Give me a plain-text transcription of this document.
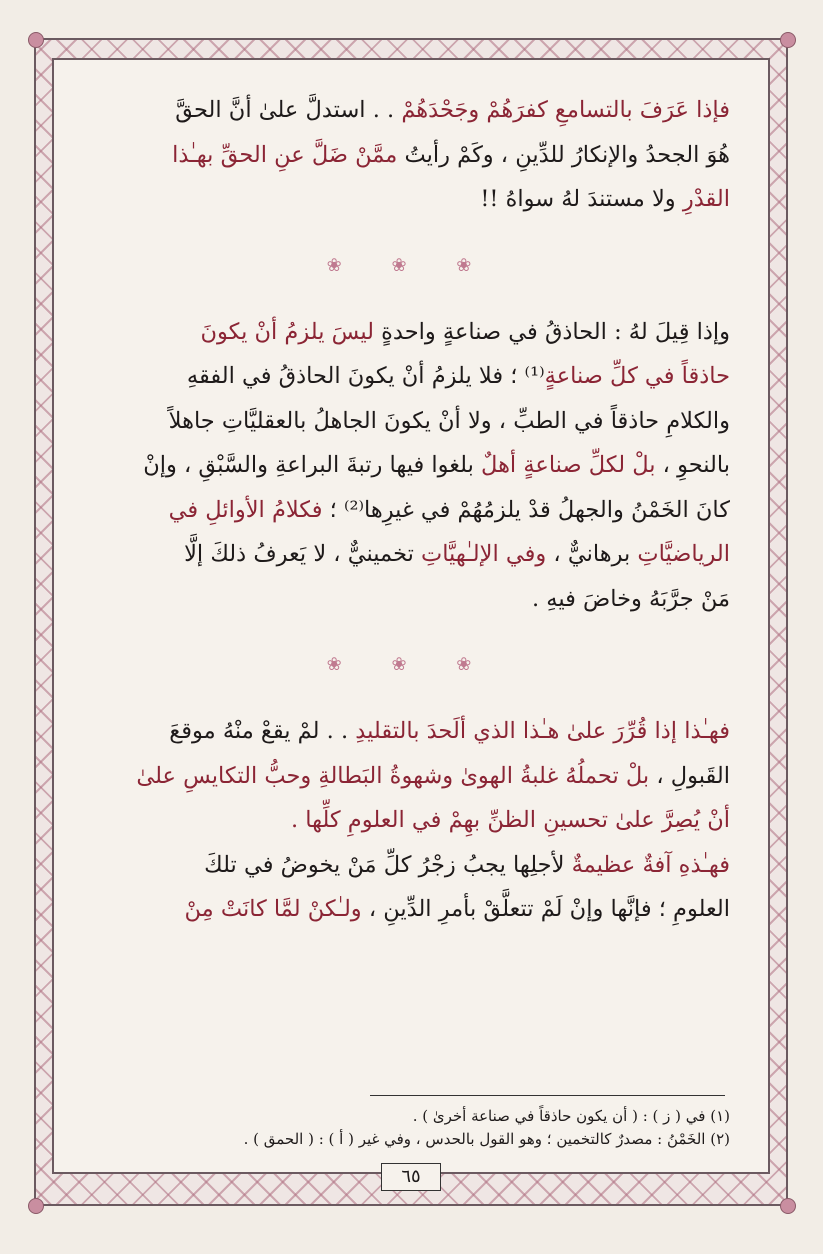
فإذا عَرَفَ بالتسامعِ كفرَهُمْ وجَحْدَهُمْ . . استدلَّ علىٰ أنَّ الحقَّ

هُوَ الجحدُ والإنكارُ للدِّينِ ، وكَمْ رأيتُ ممَّنْ ضَلَّ عنِ الحقِّ بهـٰذا

القدْرِ ولا مستندَ لهُ سواهُ !!

❀ ❀ ❀

وإذا قِيلَ لهُ : الحاذقُ في صناعةٍ واحدةٍ ليسَ يلزمُ أنْ يكونَ

حاذقاً في كلِّ صناعةٍ⁽¹⁾ ؛ فلا يلزمُ أنْ يكونَ الحاذقُ في الفقهِ

والكلامِ حاذقاً في الطبِّ ، ولا أنْ يكونَ الجاهلُ بالعقليَّاتِ جاهلاً

بالنحوِ ، بلْ لكلِّ صناعةٍ أهلٌ بلغوا فيها رتبةَ البراعةِ والسَّبْقِ ، وإنْ

كانَ الخَمْنُ والجهلُ قدْ يلزمُهُمْ في غيرِها⁽²⁾ ؛ فكلامُ الأوائلِ في

الرياضيَّاتِ برهانيٌّ ، وفي الإلـٰهيَّاتِ تخمينيٌّ ، لا يَعرفُ ذلكَ إلَّا

مَنْ جرَّبَهُ وخاضَ فيهِ .

❀ ❀ ❀

فهـٰذا إذا قُرِّرَ علىٰ هـٰذا الذي ألَحدَ بالتقليدِ . . لمْ يقعْ منْهُ موقعَ

القَبولِ ، بلْ تحملُهُ غلبةُ الهوىٰ وشهوةُ البَطالةِ وحبُّ التكايسِ علىٰ

أنْ يُصِرَّ علىٰ تحسينِ الظنِّ بهِمْ في العلومِ كلِّها .

فهـٰذهِ آفةٌ عظيمةٌ لأجلِها يجبُ زجْرُ كلِّ مَنْ يخوضُ في تلكَ

العلومِ ؛ فإنَّها وإنْ لَمْ تتعلَّقْ بأمرِ الدِّينِ ، ولـٰكنْ لمَّا كانَتْ مِنْ

(١) في ( ز ) : ( أن يكون حاذقاً في صناعة أخرىٰ ) .

(٢) الخَمْنُ : مصدرٌ كالتخمين ؛ وهو القول بالحدس ، وفي غير ( أ ) : ( الحمق ) .

٦٥
